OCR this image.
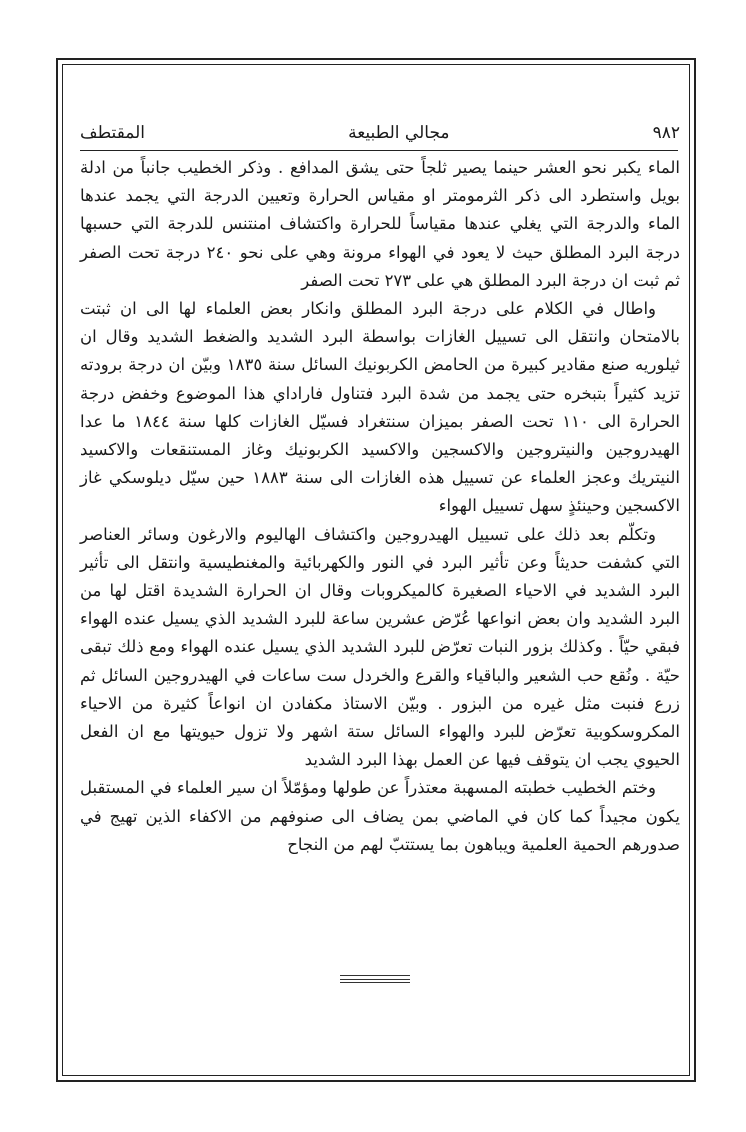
٩٨٢
مجالي الطبيعة
المقتطف

الماء يكبر نحو العشر حينما يصير ثلجاً حتى يشق المدافع . وذكر الخطيب جانباً من ادلة بويل واستطرد الى ذكر الثرمومتر او مقياس الحرارة وتعيين الدرجة التي يجمد عندها الماء والدرجة التي يغلي عندها مقياساً للحرارة واكتشاف امنتنس للدرجة التي حسبها درجة البرد المطلق حيث لا يعود في الهواء مرونة وهي على نحو ٢٤٠ درجة تحت الصفر ثم ثبت ان درجة البرد المطلق هي على ٢٧٣ تحت الصفر

واطال في الكلام على درجة البرد المطلق وانكار بعض العلماء لها الى ان ثبتت بالامتحان وانتقل الى تسييل الغازات بواسطة البرد الشديد والضغط الشديد وقال ان ثيلوريه صنع مقادير كبيرة من الحامض الكربونيك السائل سنة ١٨٣٥ وبيّن ان درجة برودته تزيد كثيراً بتبخره حتى يجمد من شدة البرد فتناول فاراداي هذا الموضوع وخفض درجة الحرارة الى ١١٠ تحت الصفر بميزان سنتغراد فسيّل الغازات كلها سنة ١٨٤٤ ما عدا الهيدروجين والنيتروجين والاكسجين والاكسيد الكربونيك وغاز المستنقعات والاكسيد النيتريك وعجز العلماء عن تسييل هذه الغازات الى سنة ١٨٨٣ حين سيّل ديلوسكي غاز الاكسجين وحينئذٍ سهل تسييل الهواء

وتكلّم بعد ذلك على تسييل الهيدروجين واكتشاف الهاليوم والارغون وسائر العناصر التي كشفت حديثاً وعن تأثير البرد في النور والكهربائية والمغنطيسية وانتقل الى تأثير البرد الشديد في الاحياء الصغيرة كالميكروبات وقال ان الحرارة الشديدة اقتل لها من البرد الشديد وان بعض انواعها عُرّض عشرين ساعة للبرد الشديد الذي يسيل عنده الهواء فبقي حيّاً . وكذلك بزور النبات تعرّض للبرد الشديد الذي يسيل عنده الهواء ومع ذلك تبقى حيّة . ونُقع حب الشعير والباقياء والقرع والخردل ست ساعات في الهيدروجين السائل ثم زرع فنبت مثل غيره من البزور . وبيّن الاستاذ مكفادن ان انواعاً كثيرة من الاحياء المكروسكوبية تعرّض للبرد والهواء السائل ستة اشهر ولا تزول حيويتها مع ان الفعل الحيوي يجب ان يتوقف فيها عن العمل بهذا البرد الشديد

وختم الخطيب خطبته المسهبة معتذراً عن طولها ومؤمّلاً ان سير العلماء في المستقبل يكون مجيداً كما كان في الماضي بمن يضاف الى صنوفهم من الاكفاء الذين تهيج في صدورهم الحمية العلمية ويباهون بما يستتبّ لهم من النجاح
